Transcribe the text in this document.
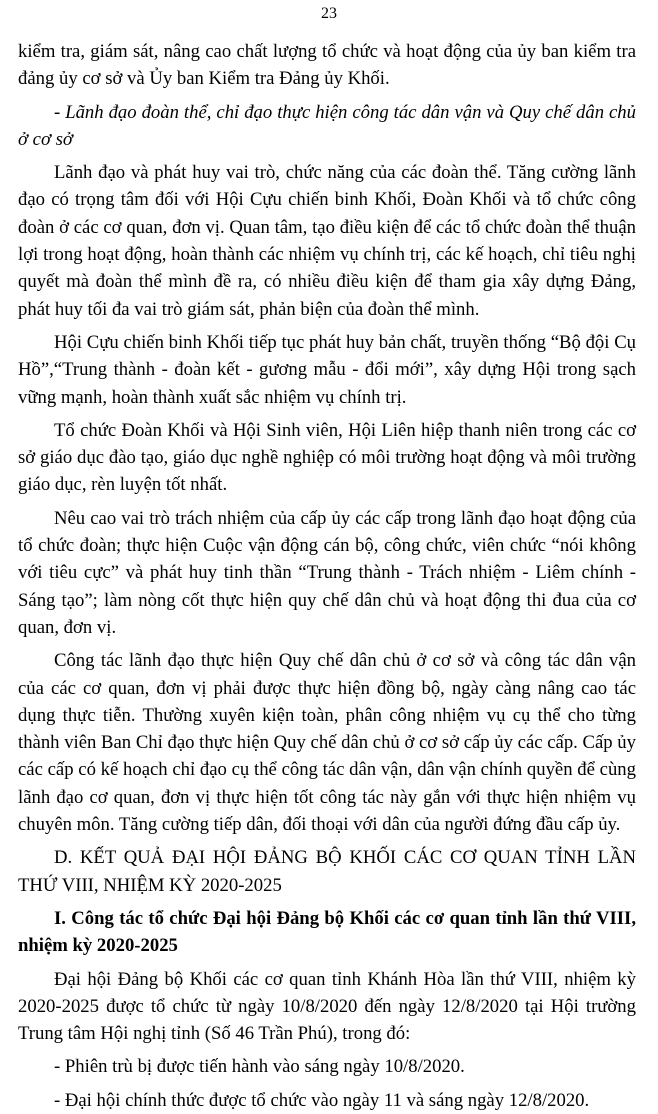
23

kiểm tra, giám sát, nâng cao chất lượng tổ chức và hoạt động của ủy ban kiểm tra đảng ủy cơ sở và Ủy ban Kiểm tra Đảng ủy Khối.

- Lãnh đạo đoàn thể, chỉ đạo thực hiện công tác dân vận và Quy chế dân chủ ở cơ sở

Lãnh đạo và phát huy vai trò, chức năng của các đoàn thể. Tăng cường lãnh đạo có trọng tâm đối với Hội Cựu chiến binh Khối, Đoàn Khối và tổ chức công đoàn ở các cơ quan, đơn vị. Quan tâm, tạo điều kiện để các tổ chức đoàn thể thuận lợi trong hoạt động, hoàn thành các nhiệm vụ chính trị, các kế hoạch, chỉ tiêu nghị quyết mà đoàn thể mình đề ra, có nhiều điều kiện để tham gia xây dựng Đảng, phát huy tối đa vai trò giám sát, phản biện của đoàn thể mình.

Hội Cựu chiến binh Khối tiếp tục phát huy bản chất, truyền thống “Bộ đội Cụ Hồ”,“Trung thành - đoàn kết - gương mẫu - đổi mới”, xây dựng Hội trong sạch vững mạnh, hoàn thành xuất sắc nhiệm vụ chính trị.

Tổ chức Đoàn Khối và Hội Sinh viên, Hội Liên hiệp thanh niên trong các cơ sở giáo dục đào tạo, giáo dục nghề nghiệp có môi trường hoạt động và môi trường giáo dục, rèn luyện tốt nhất.

Nêu cao vai trò trách nhiệm của cấp ủy các cấp trong lãnh đạo hoạt động của tổ chức đoàn; thực hiện Cuộc vận động cán bộ, công chức, viên chức “nói không với tiêu cực” và phát huy tinh thần “Trung thành - Trách nhiệm - Liêm chính - Sáng tạo”; làm nòng cốt thực hiện quy chế dân chủ và hoạt động thi đua của cơ quan, đơn vị.

Công tác lãnh đạo thực hiện Quy chế dân chủ ở cơ sở và công tác dân vận của các cơ quan, đơn vị phải được thực hiện đồng bộ, ngày càng nâng cao tác dụng thực tiễn. Thường xuyên kiện toàn, phân công nhiệm vụ cụ thể cho từng thành viên Ban Chỉ đạo thực hiện Quy chế dân chủ ở cơ sở cấp ủy các cấp. Cấp ủy các cấp có kế hoạch chỉ đạo cụ thể công tác dân vận, dân vận chính quyền để cùng lãnh đạo cơ quan, đơn vị thực hiện tốt công tác này gắn với thực hiện nhiệm vụ chuyên môn. Tăng cường tiếp dân, đối thoại với dân của người đứng đầu cấp ủy.

D. KẾT QUẢ ĐẠI HỘI ĐẢNG BỘ KHỐI CÁC CƠ QUAN TỈNH LẦN THỨ VIII, NHIỆM KỲ 2020-2025

I. Công tác tổ chức Đại hội Đảng bộ Khối các cơ quan tỉnh lần thứ VIII, nhiệm kỳ 2020-2025

Đại hội Đảng bộ Khối các cơ quan tỉnh Khánh Hòa lần thứ VIII, nhiệm kỳ 2020-2025 được tổ chức từ ngày 10/8/2020 đến ngày 12/8/2020 tại Hội trường Trung tâm Hội nghị tỉnh (Số 46 Trần Phú), trong đó:

- Phiên trù bị được tiến hành vào sáng ngày 10/8/2020.

- Đại hội chính thức được tổ chức vào ngày 11 và sáng ngày 12/8/2020.
